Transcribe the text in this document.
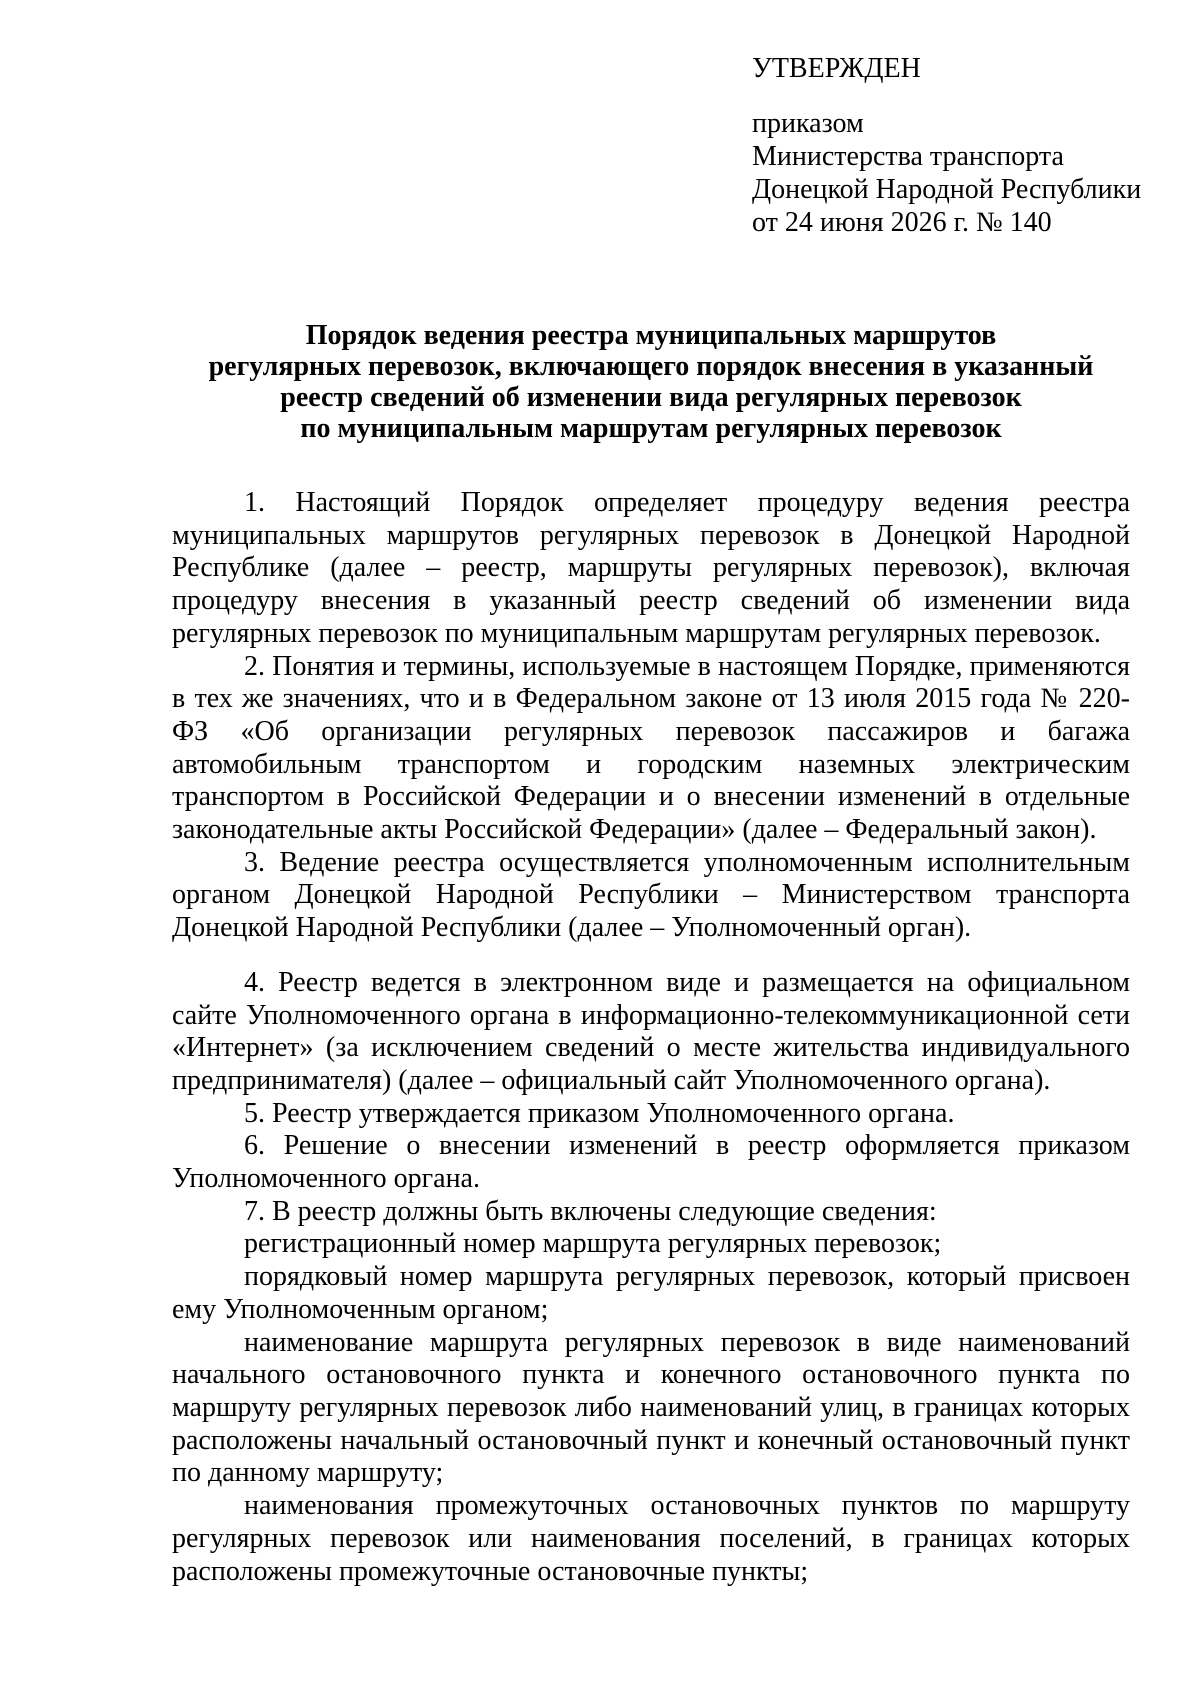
УТВЕРЖДЕН
приказом
Министерства транспорта
Донецкой Народной Республики
от 24 июня 2026 г. № 140
Порядок ведения реестра муниципальных маршрутов
регулярных перевозок, включающего порядок внесения в указанный
реестр сведений об изменении вида регулярных перевозок
по муниципальным маршрутам регулярных перевозок

1. Настоящий Порядок определяет процедуру ведения реестра муниципальных маршрутов регулярных перевозок в Донецкой Народной Республике (далее – реестр, маршруты регулярных перевозок), включая процедуру внесения в указанный реестр сведений об изменении вида регулярных перевозок по муниципальным маршрутам регулярных перевозок.

2. Понятия и термины, используемые в настоящем Порядке, применяются в тех же значениях, что и в Федеральном законе от 13 июля 2015 года № 220-ФЗ «Об организации регулярных перевозок пассажиров и багажа автомобильным транспортом и городским наземных электрическим транспортом в Российской Федерации и о внесении изменений в отдельные законодательные акты Российской Федерации» (далее – Федеральный закон).

3. Ведение реестра осуществляется уполномоченным исполнительным органом Донецкой Народной Республики – Министерством транспорта Донецкой Народной Республики (далее – Уполномоченный орган).

4. Реестр ведется в электронном виде и размещается на официальном сайте Уполномоченного органа в информационно-телекоммуникационной сети «Интернет» (за исключением сведений о месте жительства индивидуального предпринимателя) (далее – официальный сайт Уполномоченного органа).

5. Реестр утверждается приказом Уполномоченного органа.

6. Решение о внесении изменений в реестр оформляется приказом Уполномоченного органа.

7. В реестр должны быть включены следующие сведения:

регистрационный номер маршрута регулярных перевозок;

порядковый номер маршрута регулярных перевозок, который присвоен ему Уполномоченным органом;

наименование маршрута регулярных перевозок в виде наименований начального остановочного пункта и конечного остановочного пункта по маршруту регулярных перевозок либо наименований улиц, в границах которых расположены начальный остановочный пункт и конечный остановочный пункт по данному маршруту;

наименования промежуточных остановочных пунктов по маршруту регулярных перевозок или наименования поселений, в границах которых расположены промежуточные остановочные пункты;
